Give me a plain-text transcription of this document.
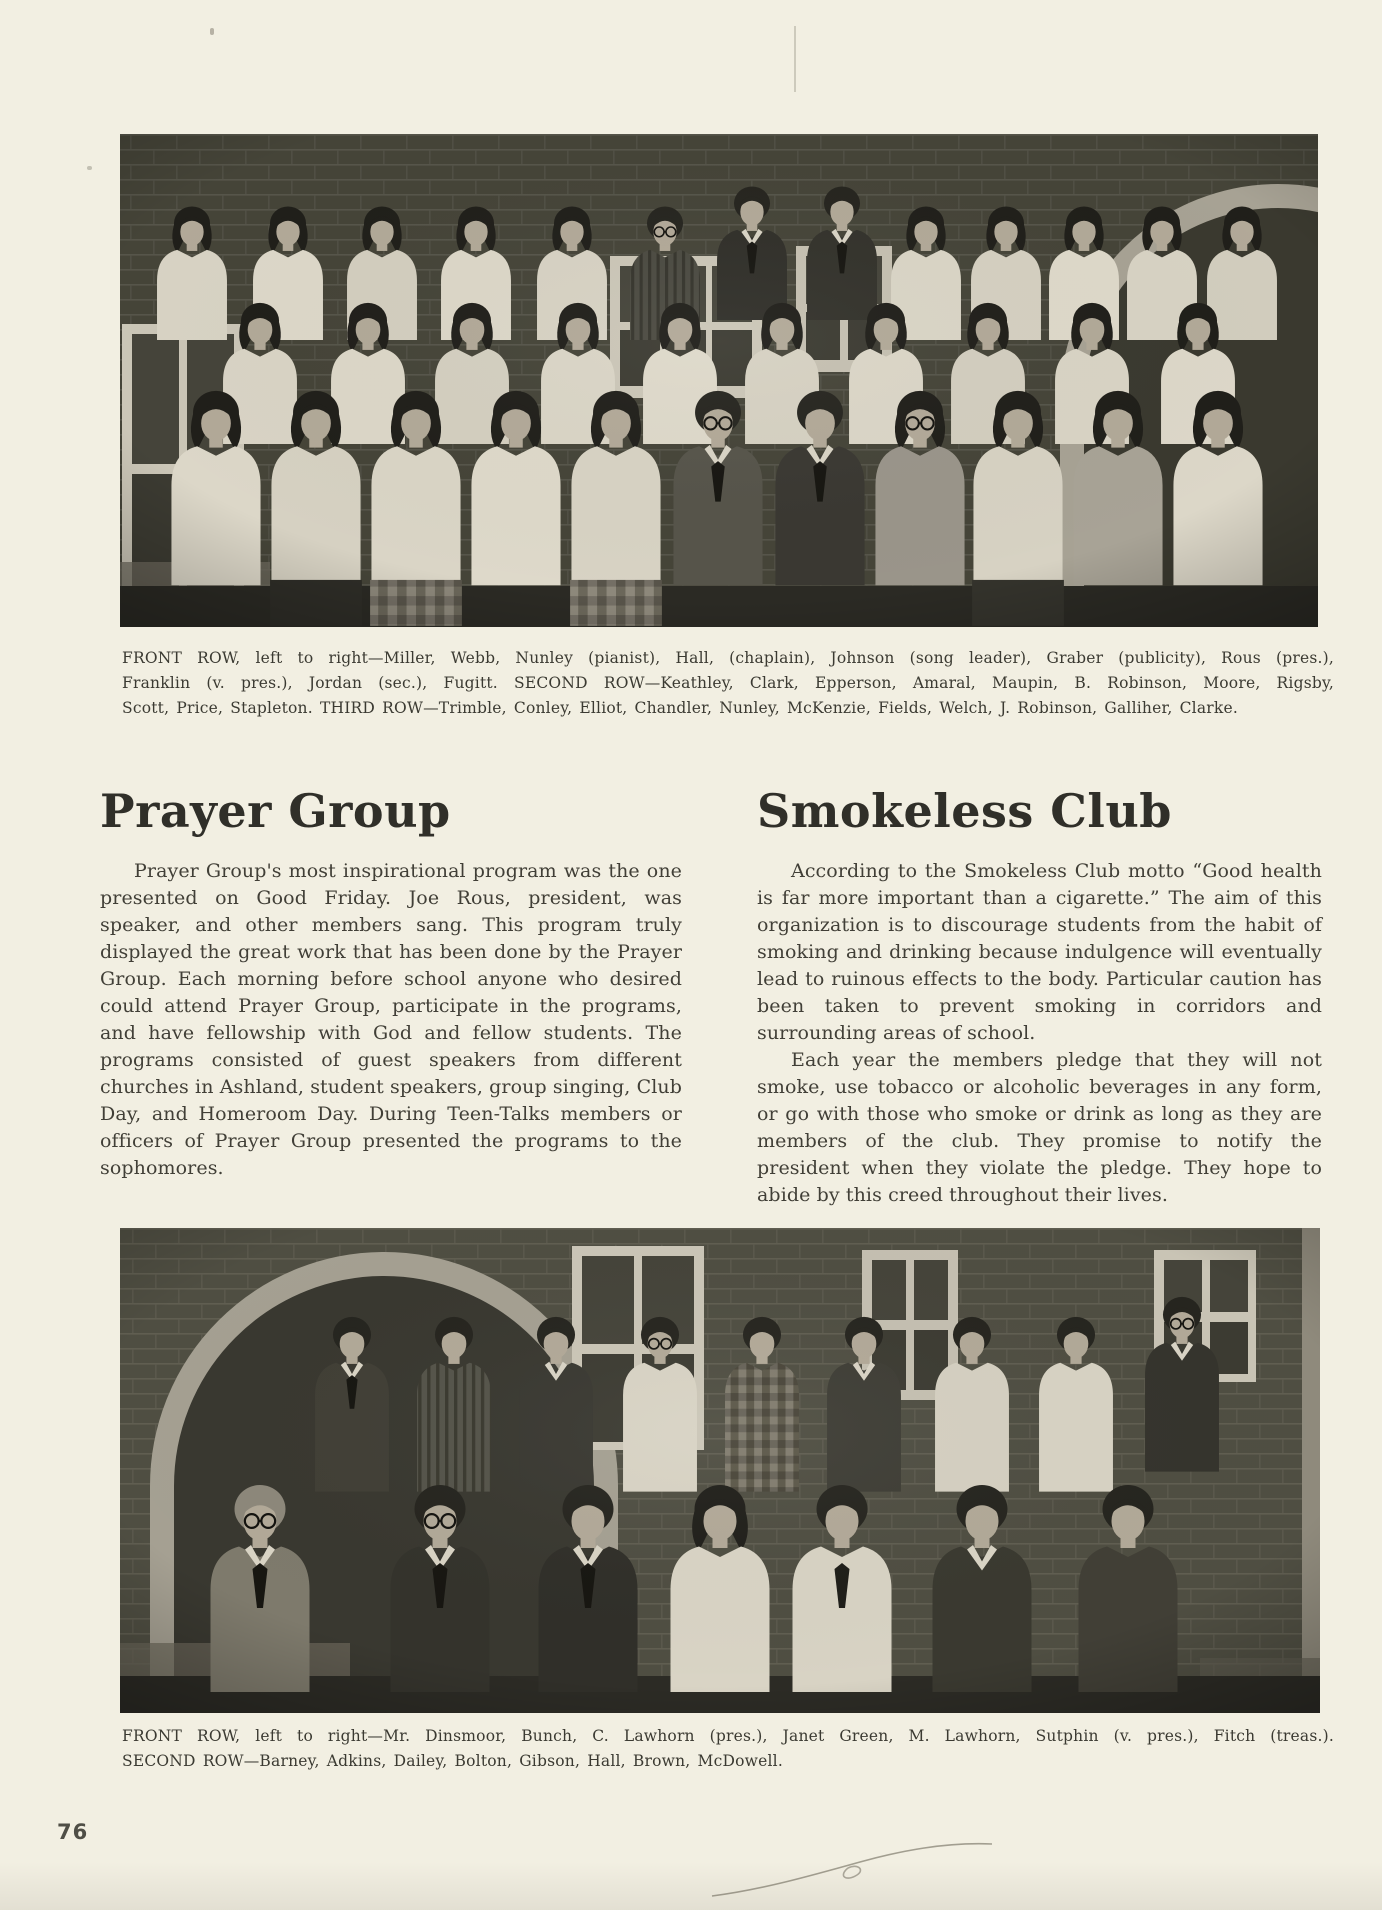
FRONT ROW, left to right—Miller, Webb, Nunley (pianist), Hall, (chaplain), Johnson (song leader), Graber (publicity), Rous (pres.),
Franklin (v. pres.), Jordan (sec.), Fugitt. SECOND ROW—Keathley, Clark, Epperson, Amaral, Maupin, B. Robinson, Moore, Rigsby,
Scott, Price, Stapleton. THIRD ROW—Trimble, Conley, Elliot, Chandler, Nunley, McKenzie, Fields, Welch, J. Robinson, Galliher, Clarke.
Prayer Group

Prayer Group's most inspirational program was the one presented on Good Friday. Joe Rous, president, was speaker, and other members sang. This program truly displayed the great work that has been done by the Prayer Group. Each morning before school anyone who desired could attend Prayer Group, participate in the programs, and have fellowship with God and fellow students. The programs consisted of guest speakers from different churches in Ashland, student speakers, group singing, Club Day, and Homeroom Day. During Teen-Talks members or officers of Prayer Group presented the programs to the sophomores.

Smokeless Club

According to the Smokeless Club motto “Good health is far more important than a cigarette.” The aim of this organization is to discourage students from the habit of smoking and drinking because indulgence will eventually lead to ruinous effects to the body. Particular caution has been taken to prevent smoking in corridors and surrounding areas of school.

Each year the members pledge that they will not smoke, use tobacco or alcoholic beverages in any form, or go with those who smoke or drink as long as they are members of the club. They promise to notify the president when they violate the pledge. They hope to abide by this creed throughout their lives.

FRONT ROW, left to right—Mr. Dinsmoor, Bunch, C. Lawhorn (pres.), Janet Green, M. Lawhorn, Sutphin (v. pres.), Fitch (treas.).
SECOND ROW—Barney, Adkins, Dailey, Bolton, Gibson, Hall, Brown, McDowell.
76
